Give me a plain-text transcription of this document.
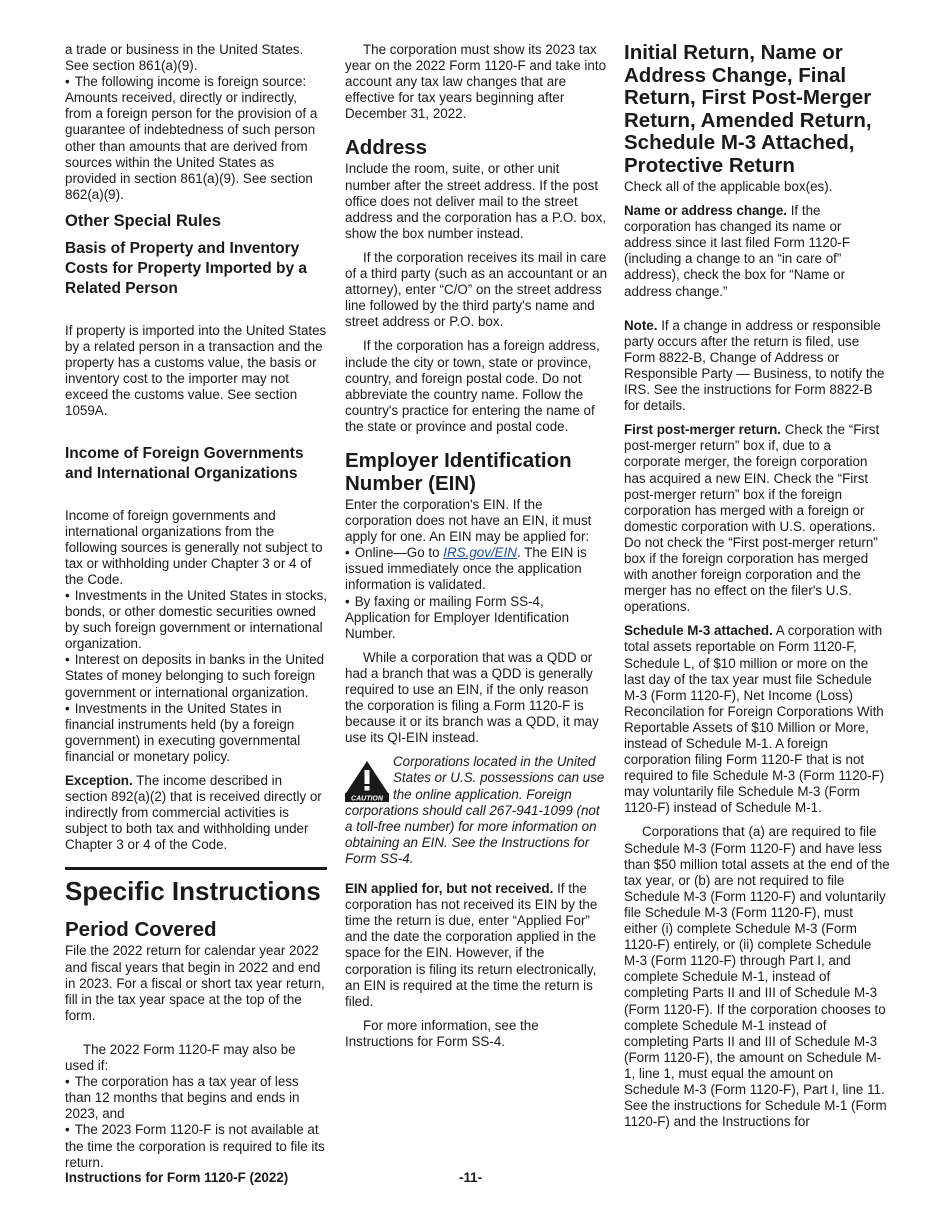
a trade or business in the United States. See section 861(a)(9).

• The following income is foreign source: Amounts received, directly or indirectly, from a foreign person for the provision of a guarantee of indebtedness of such person other than amounts that are derived from sources within the United States as provided in section 861(a)(9). See section 862(a)(9).

Other Special Rules
Basis of Property and Inventory Costs for Property Imported by a Related Person

If property is imported into the United States by a related person in a transaction and the property has a customs value, the basis or inventory cost to the importer may not exceed the customs value. See section 1059A.

Income of Foreign Governments and International Organizations

Income of foreign governments and international organizations from the following sources is generally not subject to tax or withholding under Chapter 3 or 4 of the Code.

• Investments in the United States in stocks, bonds, or other domestic securities owned by such foreign government or international organization.

• Interest on deposits in banks in the United States of money belonging to such foreign government or international organization.

• Investments in the United States in financial instruments held (by a foreign government) in executing governmental financial or monetary policy.

Exception. The income described in section 892(a)(2) that is received directly or indirectly from commercial activities is subject to both tax and withholding under Chapter 3 or 4 of the Code.

Specific Instructions
Period Covered

File the 2022 return for calendar year 2022 and fiscal years that begin in 2022 and end in 2023. For a fiscal or short tax year return, fill in the tax year space at the top of the form.

The 2022 Form 1120-F may also be used if:

• The corporation has a tax year of less than 12 months that begins and ends in 2023, and

• The 2023 Form 1120-F is not available at the time the corporation is required to file its return.

The corporation must show its 2023 tax year on the 2022 Form 1120-F and take into account any tax law changes that are effective for tax years beginning after December 31, 2022.

Address

Include the room, suite, or other unit number after the street address. If the post office does not deliver mail to the street address and the corporation has a P.O. box, show the box number instead.

If the corporation receives its mail in care of a third party (such as an accountant or an attorney), enter “C/O” on the street address line followed by the third party's name and street address or P.O. box.

If the corporation has a foreign address, include the city or town, state or province, country, and foreign postal code. Do not abbreviate the country name. Follow the country's practice for entering the name of the state or province and postal code.

Employer Identification Number (EIN)

Enter the corporation's EIN. If the corporation does not have an EIN, it must apply for one. An EIN may be applied for:

• Online—Go to IRS.gov/EIN. The EIN is issued immediately once the application information is validated.

• By faxing or mailing Form SS-4, Application for Employer Identification Number.

While a corporation that was a QDD or had a branch that was a QDD is generally required to use an EIN, if the only reason the corporation is filing a Form 1120-F is because it or its branch was a QDD, it may use its QI-EIN instead.

CAUTION
Corporations located in the United States or U.S. possessions can use the online application. Foreign corporations should call 267-941-1099 (not a toll-free number) for more information on obtaining an EIN. See the Instructions for Form SS-4.

EIN applied for, but not received. If the corporation has not received its EIN by the time the return is due, enter “Applied For” and the date the corporation applied in the space for the EIN. However, if the corporation is filing its return electronically, an EIN is required at the time the return is filed.

For more information, see the Instructions for Form SS-4.

Initial Return, Name or Address Change, Final Return, First Post-Merger Return, Amended Return, Schedule M-3 Attached, Protective Return

Check all of the applicable box(es).

Name or address change. If the corporation has changed its name or address since it last filed Form 1120-F (including a change to an “in care of” address), check the box for “Name or address change.”

Note. If a change in address or responsible party occurs after the return is filed, use Form 8822-B, Change of Address or Responsible Party — Business, to notify the IRS. See the instructions for Form 8822-B for details.

First post-merger return. Check the “First post-merger return” box if, due to a corporate merger, the foreign corporation has acquired a new EIN. Check the “First post-merger return” box if the foreign corporation has merged with a foreign or domestic corporation with U.S. operations. Do not check the “First post-merger return” box if the foreign corporation has merged with another foreign corporation and the merger has no effect on the filer's U.S. operations.

Schedule M-3 attached. A corporation with total assets reportable on Form 1120-F, Schedule L, of $10 million or more on the last day of the tax year must file Schedule M-3 (Form 1120-F), Net Income (Loss) Reconcilation for Foreign Corporations With Reportable Assets of $10 Million or More, instead of Schedule M-1. A foreign corporation filing Form 1120-F that is not required to file Schedule M-3 (Form 1120-F) may voluntarily file Schedule M-3 (Form 1120-F) instead of Schedule M-1.

Corporations that (a) are required to file Schedule M-3 (Form 1120-F) and have less than $50 million total assets at the end of the tax year, or (b) are not required to file Schedule M-3 (Form 1120-F) and voluntarily file Schedule M-3 (Form 1120-F), must either (i) complete Schedule M-3 (Form 1120-F) entirely, or (ii) complete Schedule M-3 (Form 1120-F) through Part I, and complete Schedule M-1, instead of completing Parts II and III of Schedule M-3 (Form 1120-F). If the corporation chooses to complete Schedule M-1 instead of completing Parts II and III of Schedule M-3 (Form 1120-F), the amount on Schedule M-1, line 1, must equal the amount on Schedule M-3 (Form 1120-F), Part I, line 11. See the instructions for Schedule M-1 (Form 1120-F) and the Instructions for

Instructions for Form 1120-F (2022)	-11-
